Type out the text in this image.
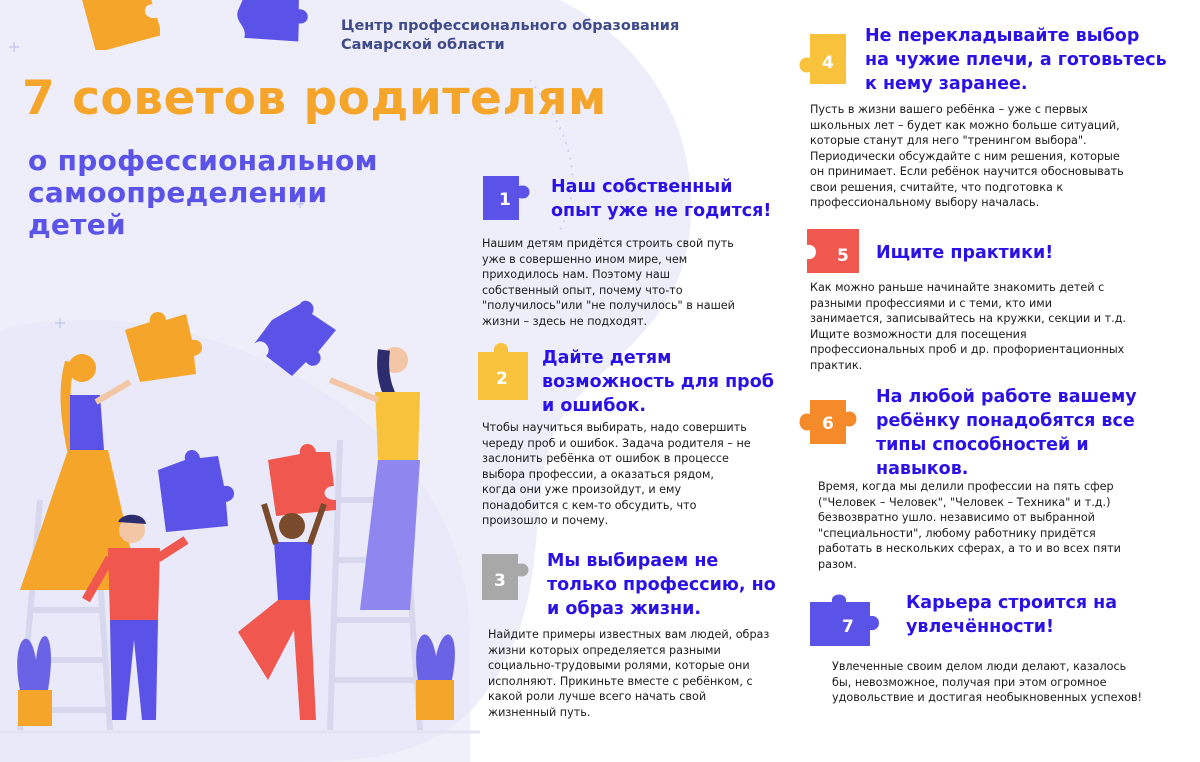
Центр профессионального образования
Самарской области
7 советов родителям
о профессиональном
самоопределении
детей
1
Наш собственный
опыт уже не годится!
Нашим детям придётся строить свой путь
уже в совершенно ином мире, чем
приходилось нам. Поэтому наш
собственный опыт, почему что-то
"получилось"или "не получилось" в нашей
жизни – здесь не подходят.
2
Дайте детям
возможность для проб
и ошибок.
Чтобы научиться выбирать, надо совершить
череду проб и ошибок. Задача родителя – не
заслонить ребёнка от ошибок в процессе
выбора профессии, а оказаться рядом,
когда они уже произойдут, и ему
понадобится с кем-то обсудить, что
произошло и почему.
3
Мы выбираем не
только профессию, но
и образ жизни.
Найдите примеры известных вам людей, образ
жизни которых определяется разными
социально-трудовыми ролями, которые они
исполняют. Прикиньте вместе с ребёнком, с
какой роли лучше всего начать свой
жизненный путь.
4
Не перекладывайте выбор
на чужие плечи, а готовьтесь
к нему заранее.
Пусть в жизни вашего ребёнка – уже с первых
школьных лет – будет как можно больше ситуаций,
которые станут для него "тренингом выбора".
Периодически обсуждайте с ним решения, которые
он принимает. Если ребёнок научится обосновывать
свои решения, считайте, что подготовка к
профессиональному выбору началась.
5 Ищите практики!
Как можно раньше начинайте знакомить детей с
разными профессиями и с теми, кто ими
занимается, записывайтесь на кружки, секции и т.д.
Ищите возможности для посещения
профессиональных проб и др. профориентационных
практик.
6
На любой работе вашему
ребёнку понадобятся все
типы способностей и
навыков.
Время, когда мы делили профессии на пять сфер
("Человек – Человек", "Человек – Техника" и т.д.)
безвозвратно ушло. независимо от выбранной
"специальности", любому работнику придётся
работать в нескольких сферах, а то и во всех пяти
разом.
7
Карьера строится на
увлечённости!
Увлеченные своим делом люди делают, казалось
бы, невозможное, получая при этом огромное
удовольствие и достигая необыкновенных успехов!
